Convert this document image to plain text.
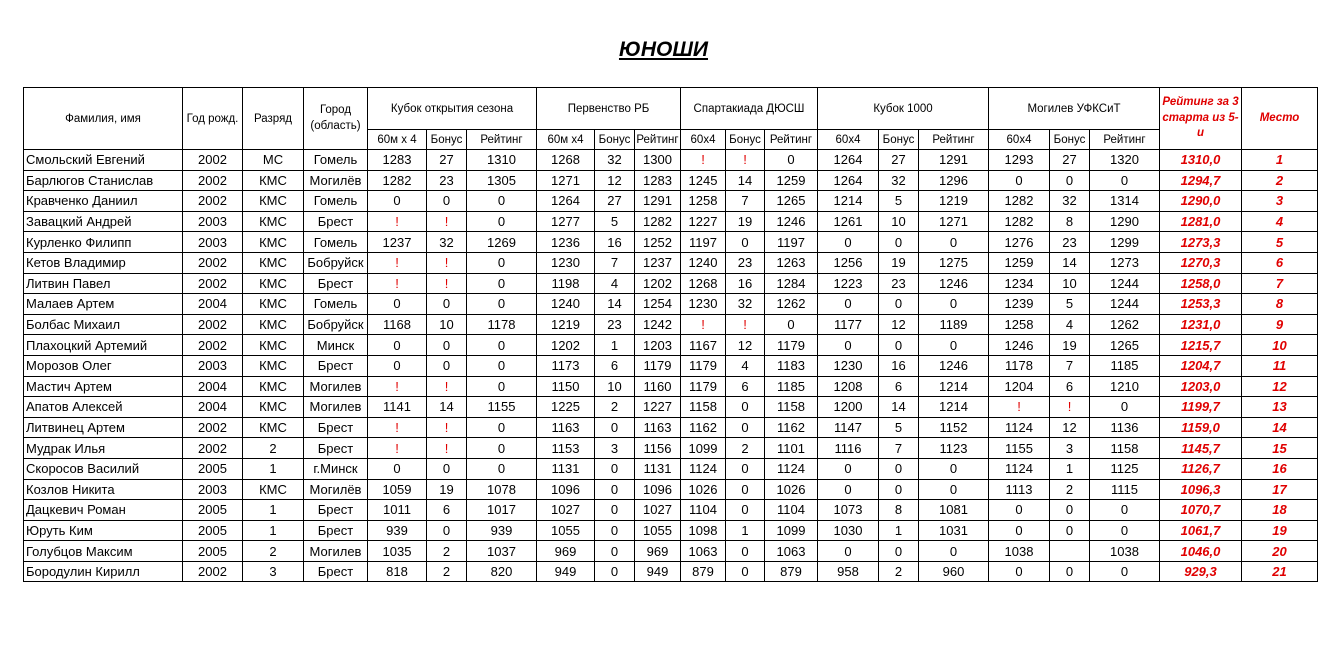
ЮНОШИ
Фамилия, имя	Год рожд.	Разряд	Город (область)	Кубок открытия сезона			Первенство РБ			Спартакиада ДЮСШ			Кубок 1000			Могилев УФКСиТ			Рейтинг за 3 старта из 5-и	Место
				60м х 4	Бонус	Рейтинг	60м х4	Бонус	Рейтинг	60х4	Бонус	Рейтинг	60х4	Бонус	Рейтинг	60х4	Бонус	Рейтинг		
Смольский Евгений	2002	МС	Гомель	1283	27	1310	1268	32	1300	!	!	0	1264	27	1291	1293	27	1320	1310,0	1
Барлюгов Станислав	2002	КМС	Могилёв	1282	23	1305	1271	12	1283	1245	14	1259	1264	32	1296	0	0	0	1294,7	2
Кравченко Даниил	2002	КМС	Гомель	0	0	0	1264	27	1291	1258	7	1265	1214	5	1219	1282	32	1314	1290,0	3
Завацкий Андрей	2003	КМС	Брест	!	!	0	1277	5	1282	1227	19	1246	1261	10	1271	1282	8	1290	1281,0	4
Курленко Филипп	2003	КМС	Гомель	1237	32	1269	1236	16	1252	1197	0	1197	0	0	0	1276	23	1299	1273,3	5
Кетов Владимир	2002	КМС	Бобруйск	!	!	0	1230	7	1237	1240	23	1263	1256	19	1275	1259	14	1273	1270,3	6
Литвин Павел	2002	КМС	Брест	!	!	0	1198	4	1202	1268	16	1284	1223	23	1246	1234	10	1244	1258,0	7
Малаев Артем	2004	КМС	Гомель	0	0	0	1240	14	1254	1230	32	1262	0	0	0	1239	5	1244	1253,3	8
Болбас Михаил	2002	КМС	Бобруйск	1168	10	1178	1219	23	1242	!	!	0	1177	12	1189	1258	4	1262	1231,0	9
Плахоцкий Артемий	2002	КМС	Минск	0	0	0	1202	1	1203	1167	12	1179	0	0	0	1246	19	1265	1215,7	10
Морозов Олег	2003	КМС	Брест	0	0	0	1173	6	1179	1179	4	1183	1230	16	1246	1178	7	1185	1204,7	11
Мастич Артем	2004	КМС	Могилев	!	!	0	1150	10	1160	1179	6	1185	1208	6	1214	1204	6	1210	1203,0	12
Апатов Алексей	2004	КМС	Могилев	1141	14	1155	1225	2	1227	1158	0	1158	1200	14	1214	!	!	0	1199,7	13
Литвинец Артем	2002	КМС	Брест	!	!	0	1163	0	1163	1162	0	1162	1147	5	1152	1124	12	1136	1159,0	14
Мудрак Илья	2002	2	Брест	!	!	0	1153	3	1156	1099	2	1101	1116	7	1123	1155	3	1158	1145,7	15
Скоросов Василий	2005	1	г.Минск	0	0	0	1131	0	1131	1124	0	1124	0	0	0	1124	1	1125	1126,7	16
Козлов Никита	2003	КМС	Могилёв	1059	19	1078	1096	0	1096	1026	0	1026	0	0	0	1113	2	1115	1096,3	17
Дацкевич Роман	2005	1	Брест	1011	6	1017	1027	0	1027	1104	0	1104	1073	8	1081	0	0	0	1070,7	18
Юруть Ким	2005	1	Брест	939	0	939	1055	0	1055	1098	1	1099	1030	1	1031	0	0	0	1061,7	19
Голубцов Максим	2005	2	Могилев	1035	2	1037	969	0	969	1063	0	1063	0	0	0	1038		1038	1046,0	20
Бородулин Кирилл	2002	3	Брест	818	2	820	949	0	949	879	0	879	958	2	960	0	0	0	929,3	21
